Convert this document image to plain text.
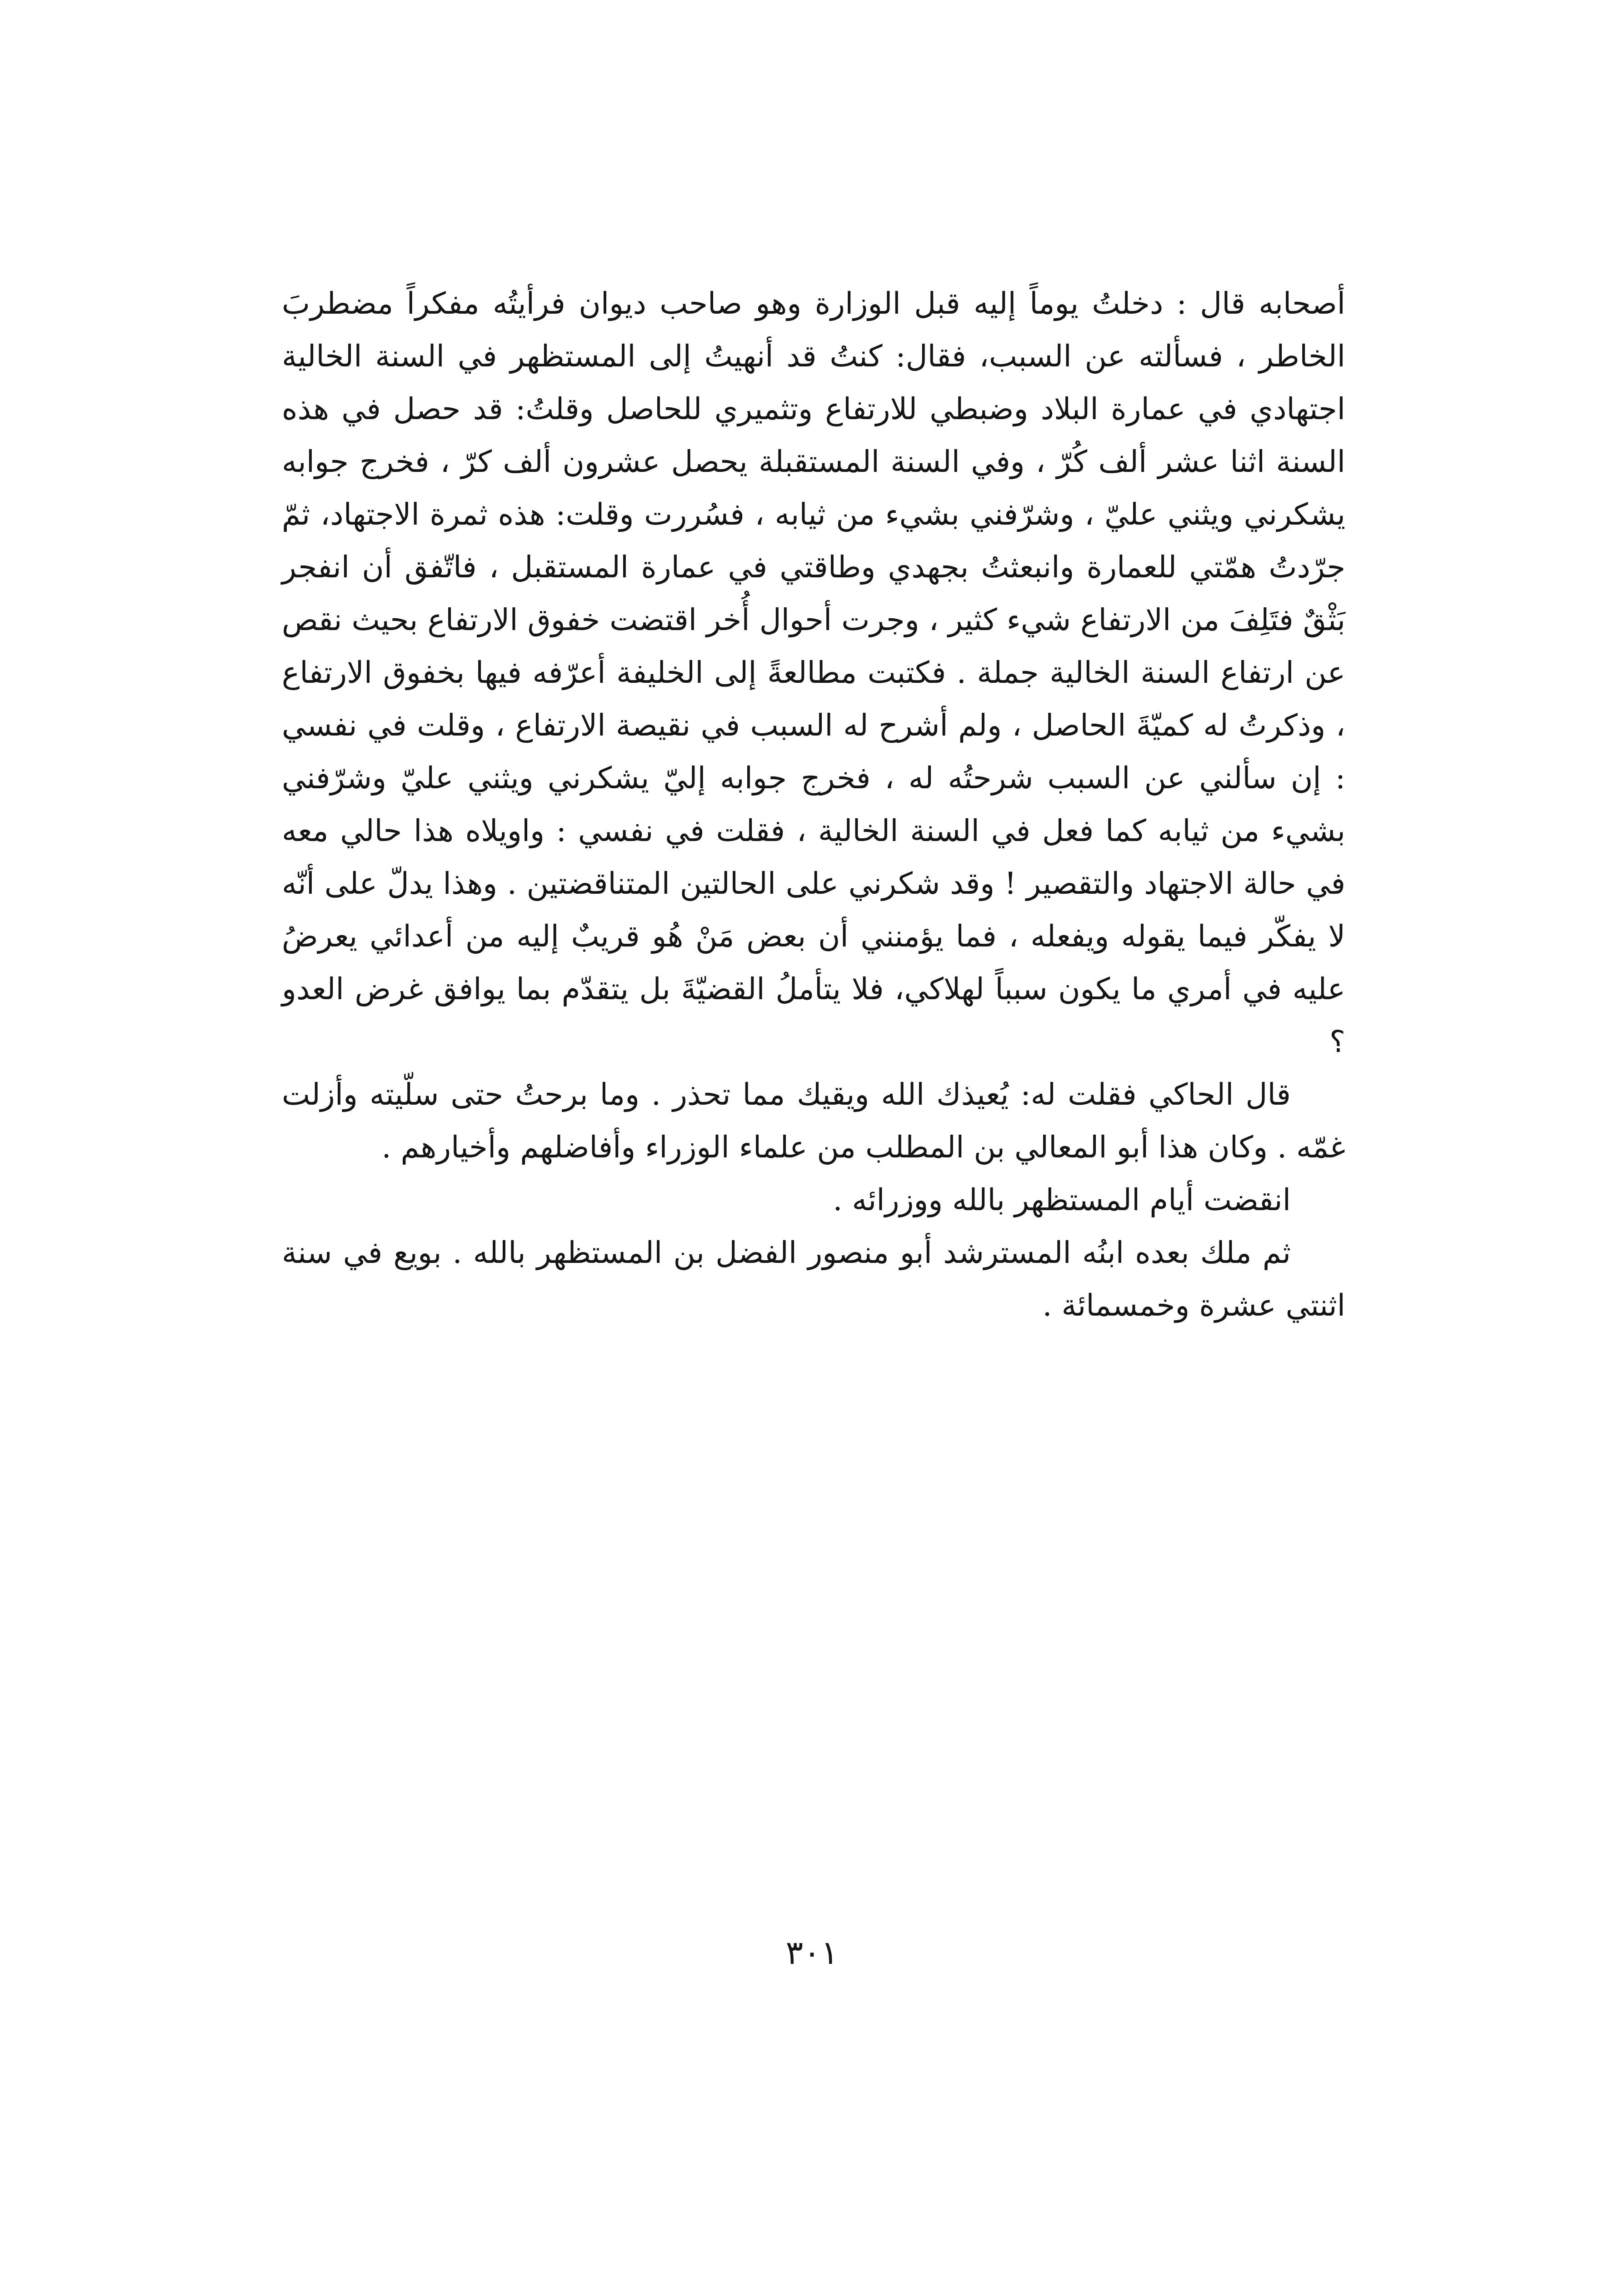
أصحابه قال : دخلتُ يوماً إليه قبل الوزارة وهو صاحب ديوان فرأيتُه مفكراً مضطربَ الخاطر ، فسألته عن السبب، فقال: كنتُ قد أنهيتُ إلى المستظهر في السنة الخالية اجتهادي في عمارة البلاد وضبطي للارتفاع وتثميري للحاصل وقلتُ: قد حصل في هذه السنة اثنا عشر ألف كُرّ ، وفي السنة المستقبلة يحصل عشرون ألف كرّ ، فخرج جوابه يشكرني ويثني عليّ ، وشرّفني بشيء من ثيابه ، فسُررت وقلت: هذه ثمرة الاجتهاد، ثمّ جرّدتُ همّتي للعمارة وانبعثتُ بجهدي وطاقتي في عمارة المستقبل ، فاتّفق أن انفجر بَثْقٌ فتَلِفَ من الارتفاع شيء كثير ، وجرت أحوال أُخر اقتضت خفوق الارتفاع بحيث نقص عن ارتفاع السنة الخالية جملة . فكتبت مطالعةً إلى الخليفة أعرّفه فيها بخفوق الارتفاع ، وذكرتُ له كميّةَ الحاصل ، ولم أشرح له السبب في نقيصة الارتفاع ، وقلت في نفسي : إن سألني عن السبب شرحتُه له ، فخرج جوابه إليّ يشكرني ويثني عليّ وشرّفني بشيء من ثيابه كما فعل في السنة الخالية ، فقلت في نفسي : واويلاه هذا حالي معه في حالة الاجتهاد والتقصير ! وقد شكرني على الحالتين المتناقضتين . وهذا يدلّ على أنّه لا يفكّر فيما يقوله ويفعله ، فما يؤمنني أن بعض مَنْ هُو قريبٌ إليه من أعدائي يعرضُ عليه في أمري ما يكون سبباً لهلاكي، فلا يتأملُ القضيّةَ بل يتقدّم بما يوافق غرض العدو ؟

قال الحاكي فقلت له: يُعيذك الله ويقيك مما تحذر . وما برحتُ حتى سلّيته وأزلت غمّه . وكان هذا أبو المعالي بن المطلب من علماء الوزراء وأفاضلهم وأخيارهم .

انقضت أيام المستظهر بالله ووزرائه .

ثم ملك بعده ابنُه المسترشد أبو منصور الفضل بن المستظهر بالله . بويع في سنة اثنتي عشرة وخمسمائة .

٣٠١
